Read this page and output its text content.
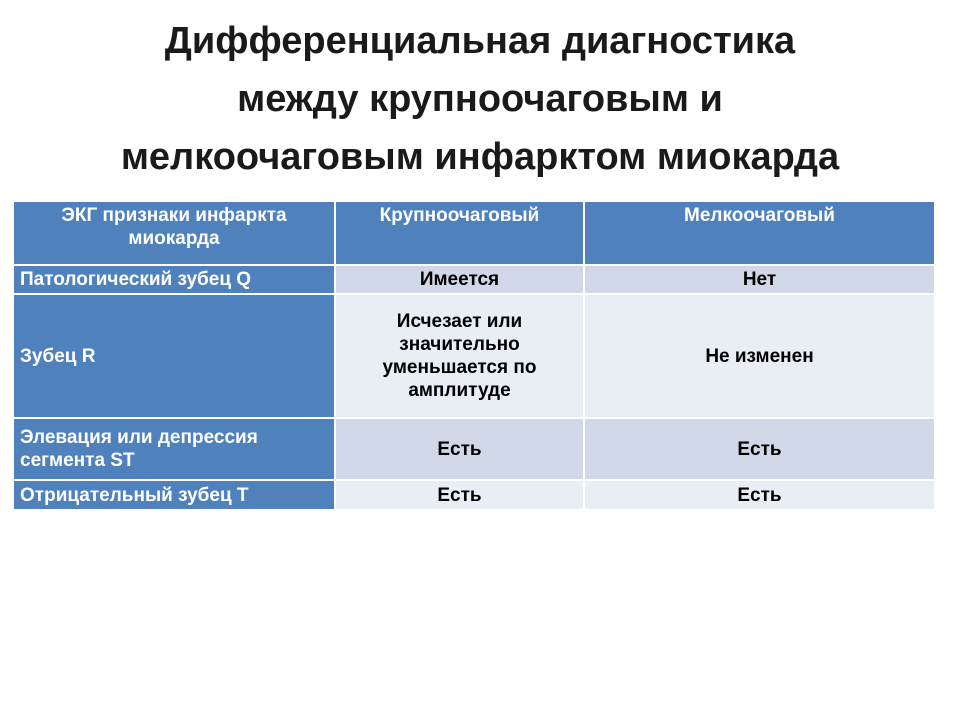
Дифференциальная диагностика
между крупноочаговым и
мелкоочаговым инфарктом миокарда
ЭКГ признаки инфаркта миокарда	Крупноочаговый	Мелкоочаговый
Патологический зубец Q	Имеется	Нет
Зубец R	Исчезает или значительно уменьшается по амплитуде	Не изменен
Элевация или депрессия сегмента ST	Есть	Есть
Отрицательный зубец T	Есть	Есть
